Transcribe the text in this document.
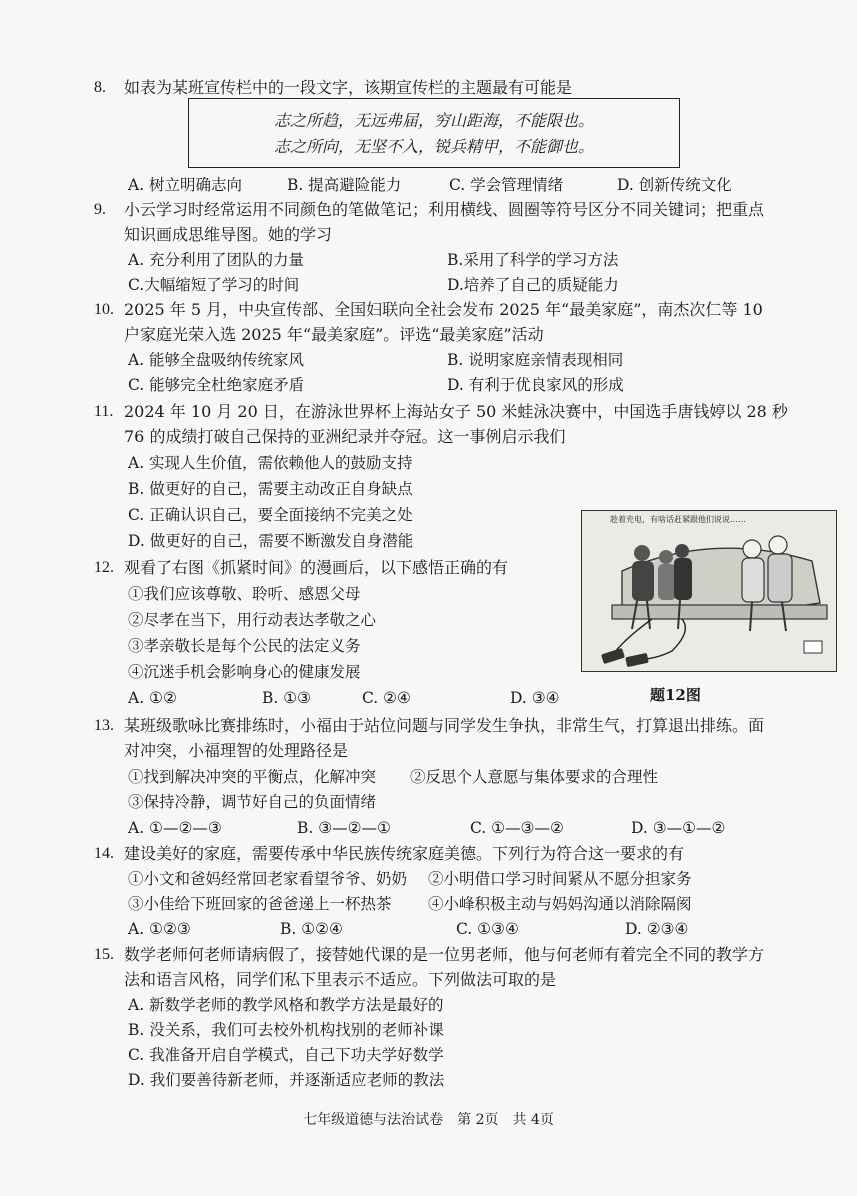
8. 如表为某班宣传栏中的一段文字，该期宣传栏的主题最有可能是
志之所趋，无远弗届，穷山距海，不能限也。
志之所向，无坚不入，锐兵精甲，不能御也。
A. 树立明确志向	B. 提高避险能力	C. 学会管理情绪	D. 创新传统文化
9. 小云学习时经常运用不同颜色的笔做笔记；利用横线、圆圈等符号区分不同关键词；把重点
知识画成思维导图。她的学习
A. 充分利用了团队的力量	B.采用了科学的学习方法
C.大幅缩短了学习的时间	D.培养了自己的质疑能力
10. 2025 年 5 月，中央宣传部、全国妇联向全社会发布 2025 年“最美家庭”，南杰次仁等 10
户家庭光荣入选 2025 年“最美家庭”。评选“最美家庭”活动
A. 能够全盘吸纳传统家风	B. 说明家庭亲情表现相同
C. 能够完全杜绝家庭矛盾	D. 有利于优良家风的形成
11. 2024 年 10 月 20 日，在游泳世界杯上海站女子 50 米蛙泳决赛中，中国选手唐钱婷以 28 秒
76 的成绩打破自己保持的亚洲纪录并夺冠。这一事例启示我们
A. 实现人生价值，需依赖他人的鼓励支持
B. 做更好的自己，需要主动改正自身缺点
C. 正确认识自己，要全面接纳不完美之处
D. 做更好的自己，需要不断激发自身潜能
趁着充电，有啥话赶紧跟他们说说……
题12图
12. 观看了右图《抓紧时间》的漫画后，以下感悟正确的有
①我们应该尊敬、聆听、感恩父母
②尽孝在当下，用行动表达孝敬之心
③孝亲敬长是每个公民的法定义务
④沉迷手机会影响身心的健康发展
A. ①②	B. ①③	C. ②④	D. ③④
13. 某班级歌咏比赛排练时，小福由于站位问题与同学发生争执，非常生气，打算退出排练。面
对冲突，小福理智的处理路径是
①找到解决冲突的平衡点，化解冲突 ②反思个人意愿与集体要求的合理性
③保持冷静，调节好自己的负面情绪
A. ①—②—③	B. ③—②—①	C. ①—③—②	D. ③—①—②
14. 建设美好的家庭，需要传承中华民族传统家庭美德。下列行为符合这一要求的有
①小文和爸妈经常回老家看望爷爷、奶奶 ②小明借口学习时间紧从不愿分担家务
③小佳给下班回家的爸爸递上一杯热茶 ④小峰积极主动与妈妈沟通以消除隔阂
A. ①②③	B. ①②④	C. ①③④	D. ②③④
15. 数学老师何老师请病假了，接替她代课的是一位男老师，他与何老师有着完全不同的教学方
法和语言风格，同学们私下里表示不适应。下列做法可取的是
A. 新数学老师的教学风格和教学方法是最好的
B. 没关系，我们可去校外机构找别的老师补课
C. 我准备开启自学模式，自己下功夫学好数学
D. 我们要善待新老师，并逐渐适应老师的教法
七年级道德与法治试卷　第 2页　共 4页
